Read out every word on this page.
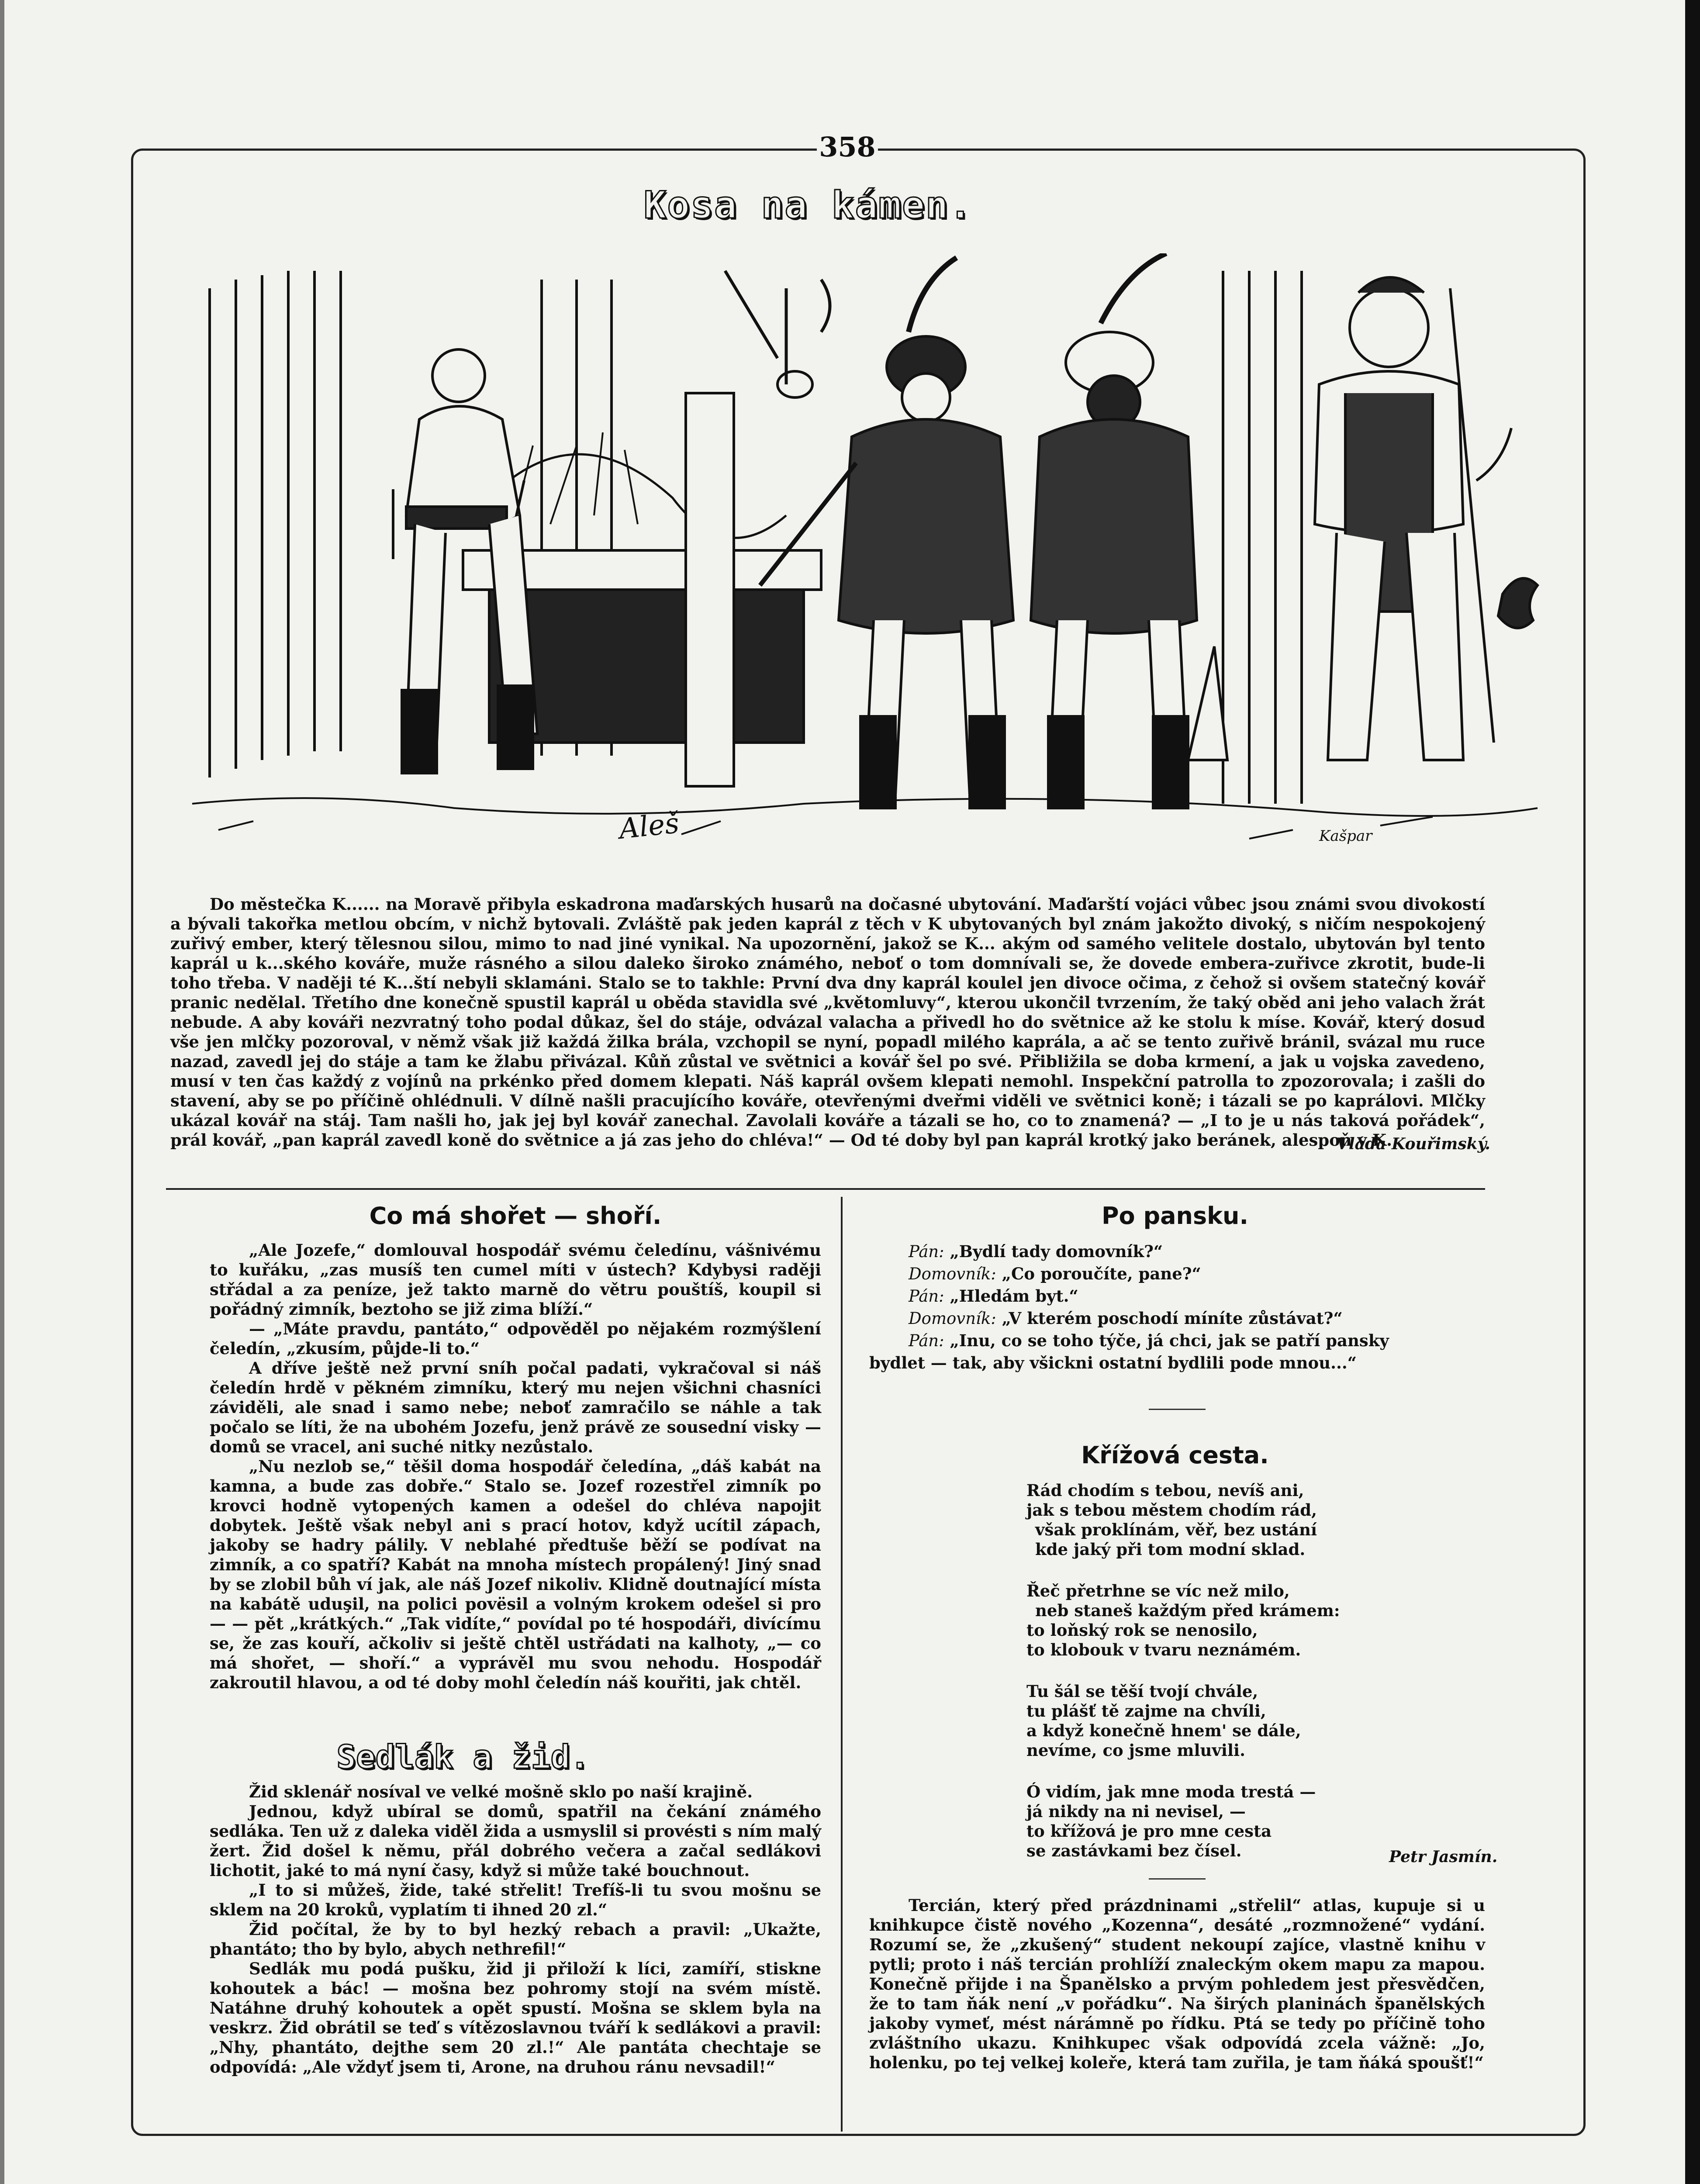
358
Kosa na kámen.
Aleš	Kašpar

Do městečka K...... na Moravě přibyla eskadrona maďarských husarů na dočasné ubytování. Maďarští vojáci vůbec jsou známi svou divokostí a bývali takořka metlou obcím, v nichž bytovali. Zvláště pak jeden kaprál z těch v K ubytovaných byl znám jakožto divoký, s ničím nespokojený zuřivý ember, který tělesnou silou, mimo to nad jiné vynikal. Na upozornění, jakož se K... akým od samého velitele dostalo, ubytován byl tento kaprál u k...ského kováře, muže rásného a silou daleko široko známého, neboť o tom domnívali se, že dovede embera-zuřivce zkrotit, bude-li toho třeba. V naději té K...ští nebyli sklamáni. Stalo se to takhle: První dva dny kaprál koulel jen divoce očima, z čehož si ovšem statečný kovář pranic nedělal. Třetího dne konečně spustil kaprál u oběda stavidla své „květomluvy“, kterou ukončil tvrzením, že taký oběd ani jeho valach žrát nebude. A aby kováři nezvratný toho podal důkaz, šel do stáje, odvázal valacha a přivedl ho do světnice až ke stolu k míse. Kovář, který dosud vše jen mlčky pozoroval, v němž však již každá žilka brála, vzchopil se nyní, popadl milého kaprála, a ač se tento zuřivě bránil, svázal mu ruce nazad, zavedl jej do stáje a tam ke žlabu přivázal. Kůň zůstal ve světnici a kovář šel po své. Přibližila se doba krmení, a jak u vojska zavedeno, musí v ten čas každý z vojínů na prkénko před domem klepati. Náš kaprál ovšem klepati nemohl. Inspekční patrolla to zpozorovala; i zašli do stavení, aby se po příčině ohlédnuli. V dílně našli pracujícího kováře, otevřenými dveřmi viděli ve světnici koně; i tázali se po kaprálovi. Mlčky ukázal kovář na stáj. Tam našli ho, jak jej byl kovář zanechal. Zavolali kováře a tázali se ho, co to znamená? — „I to je u nás taková pořádek“, prál kovář, „pan kaprál zavedl koně do světnice a já zas jeho do chléva!“ — Od té doby byl pan kaprál krotký jako beránek, alespoň v K.

Vláďa Kouřimský.
Co má shořet — shoří.

„Ale Jozefe,“ domlouval hospodář svému čeledínu, vášnivému to kuřáku, „zas musíš ten cumel míti v ústech? Kdybysi raději střádal a za peníze, jež takto marně do větru pouštíš, koupil si pořádný zimník, beztoho se již zima blíží.“

— „Máte pravdu, pantáto,“ odpověděl po nějakém rozmýšlení čeledín, „zkusím, půjde-li to.“

A dříve ještě než první sníh počal padati, vykračoval si náš čeledín hrdě v pěkném zimníku, který mu nejen všichni chasníci záviděli, ale snad i samo nebe; neboť zamračilo se náhle a tak počalo se líti, že na ubohém Jozefu, jenž právě ze sousední visky — domů se vracel, ani suché nitky nezůstalo.

„Nu nezlob se,“ těšil doma hospodář čeledína, „dáš kabát na kamna, a bude zas dobře.“ Stalo se. Jozef rozestřel zimník po krovci hodně vytopených kamen a odešel do chléva napojit dobytek. Ještě však nebyl ani s prací hotov, když ucítil zápach, jakoby se hadry pálily. V neblahé předtuše běží se podívat na zimník, a co spatří? Kabát na mnoha místech propálený! Jiný snad by se zlobil bůh ví jak, ale náš Jozef nikoliv. Klidně doutnající místa na kabátě uduşil, na polici povësil a volným krokem odešel si pro — — pět „krátkých.“ „Tak vidíte,“ povídal po té hospodáři, divícímu se, že zas kouří, ačkoliv si ještě chtěl ustřádati na kalhoty, „— co má shořet, — shoří.“ a vyprávěl mu svou nehodu. Hospodář zakroutil hlavou, a od té doby mohl čeledín náš kouřiti, jak chtěl.

Sedlák a žid.

Žid sklenář nosíval ve velké mošně sklo po naší krajině.

Jednou, když ubíral se domů, spatřil na čekání známého sedláka. Ten už z daleka viděl žida a usmyslil si provésti s ním malý žert. Žid došel k němu, přál dobrého večera a začal sedlákovi lichotit, jaké to má nyní časy, když si může také bouchnout.

„I to si můžeš, žide, také střelit! Trefíš-li tu svou mošnu se sklem na 20 kroků, vyplatím ti ihned 20 zl.“

Žid počítal, že by to byl hezký rebach a pravil: „Ukažte, phantáto; tho by bylo, abych nethrefil!“

Sedlák mu podá pušku, žid ji přiloží k líci, zamíří, stiskne kohoutek a bác! — mošna bez pohromy stojí na svém místě. Natáhne druhý kohoutek a opět spustí. Mošna se sklem byla na veskrz. Žid obrátil se teď s vítězoslavnou tváří k sedlákovi a pravil: „Nhy, phantáto, dejthe sem 20 zl.!“ Ale pantáta chechtaje se odpovídá: „Ale vždyť jsem ti, Arone, na druhou ránu nevsadil!“

Po pansku.
Pán: „Bydlí tady domovník?“
Domovník: „Co poroučíte, pane?“
Pán: „Hledám byt.“
Domovník: „V kterém poschodí míníte zůstávat?“
Pán: „Inu, co se toho týče, já chci, jak se patří pansky
bydlet — tak, aby všickni ostatní bydlili pode mnou...“
Křížová cesta.
Rád chodím s tebou, nevíš ani,
jak s tebou městem chodím rád,
však proklínám, věř, bez ustání
kde jaký při tom modní sklad.
Řeč přetrhne se víc než milo,
neb staneš každým před krámem:
to loňský rok se nenosilo,
to klobouk v tvaru neznámém.
Tu šál se těší tvojí chvále,
tu plášť tě zajme na chvíli,
a když konečně hnem' se dále,
nevíme, co jsme mluvili.
Ó vidím, jak mne moda trestá —
já nikdy na ni nevisel, —
to křížová je pro mne cesta
se zastávkami bez čísel.	Petr Jasmín.

Tercián, který před prázdninami „střelil“ atlas, kupuje si u knihkupce čistě nového „Kozenna“, desáté „rozmnožené“ vydání. Rozumí se, že „zkušený“ student nekoupí zajíce, vlastně knihu v pytli; proto i náš tercián prohlíží znaleckým okem mapu za mapou. Konečně přijde i na Španělsko a prvým pohledem jest přesvědčen, že to tam ňák není „v pořádku“. Na širých planinách španělských jakoby vymeť, mést nárámně po řídku. Ptá se tedy po příčině toho zvláštního ukazu. Knihkupec však odpovídá zcela vážně: „Jo, holenku, po tej velkej koleře, která tam zuřila, je tam ňáká spoušť!“
